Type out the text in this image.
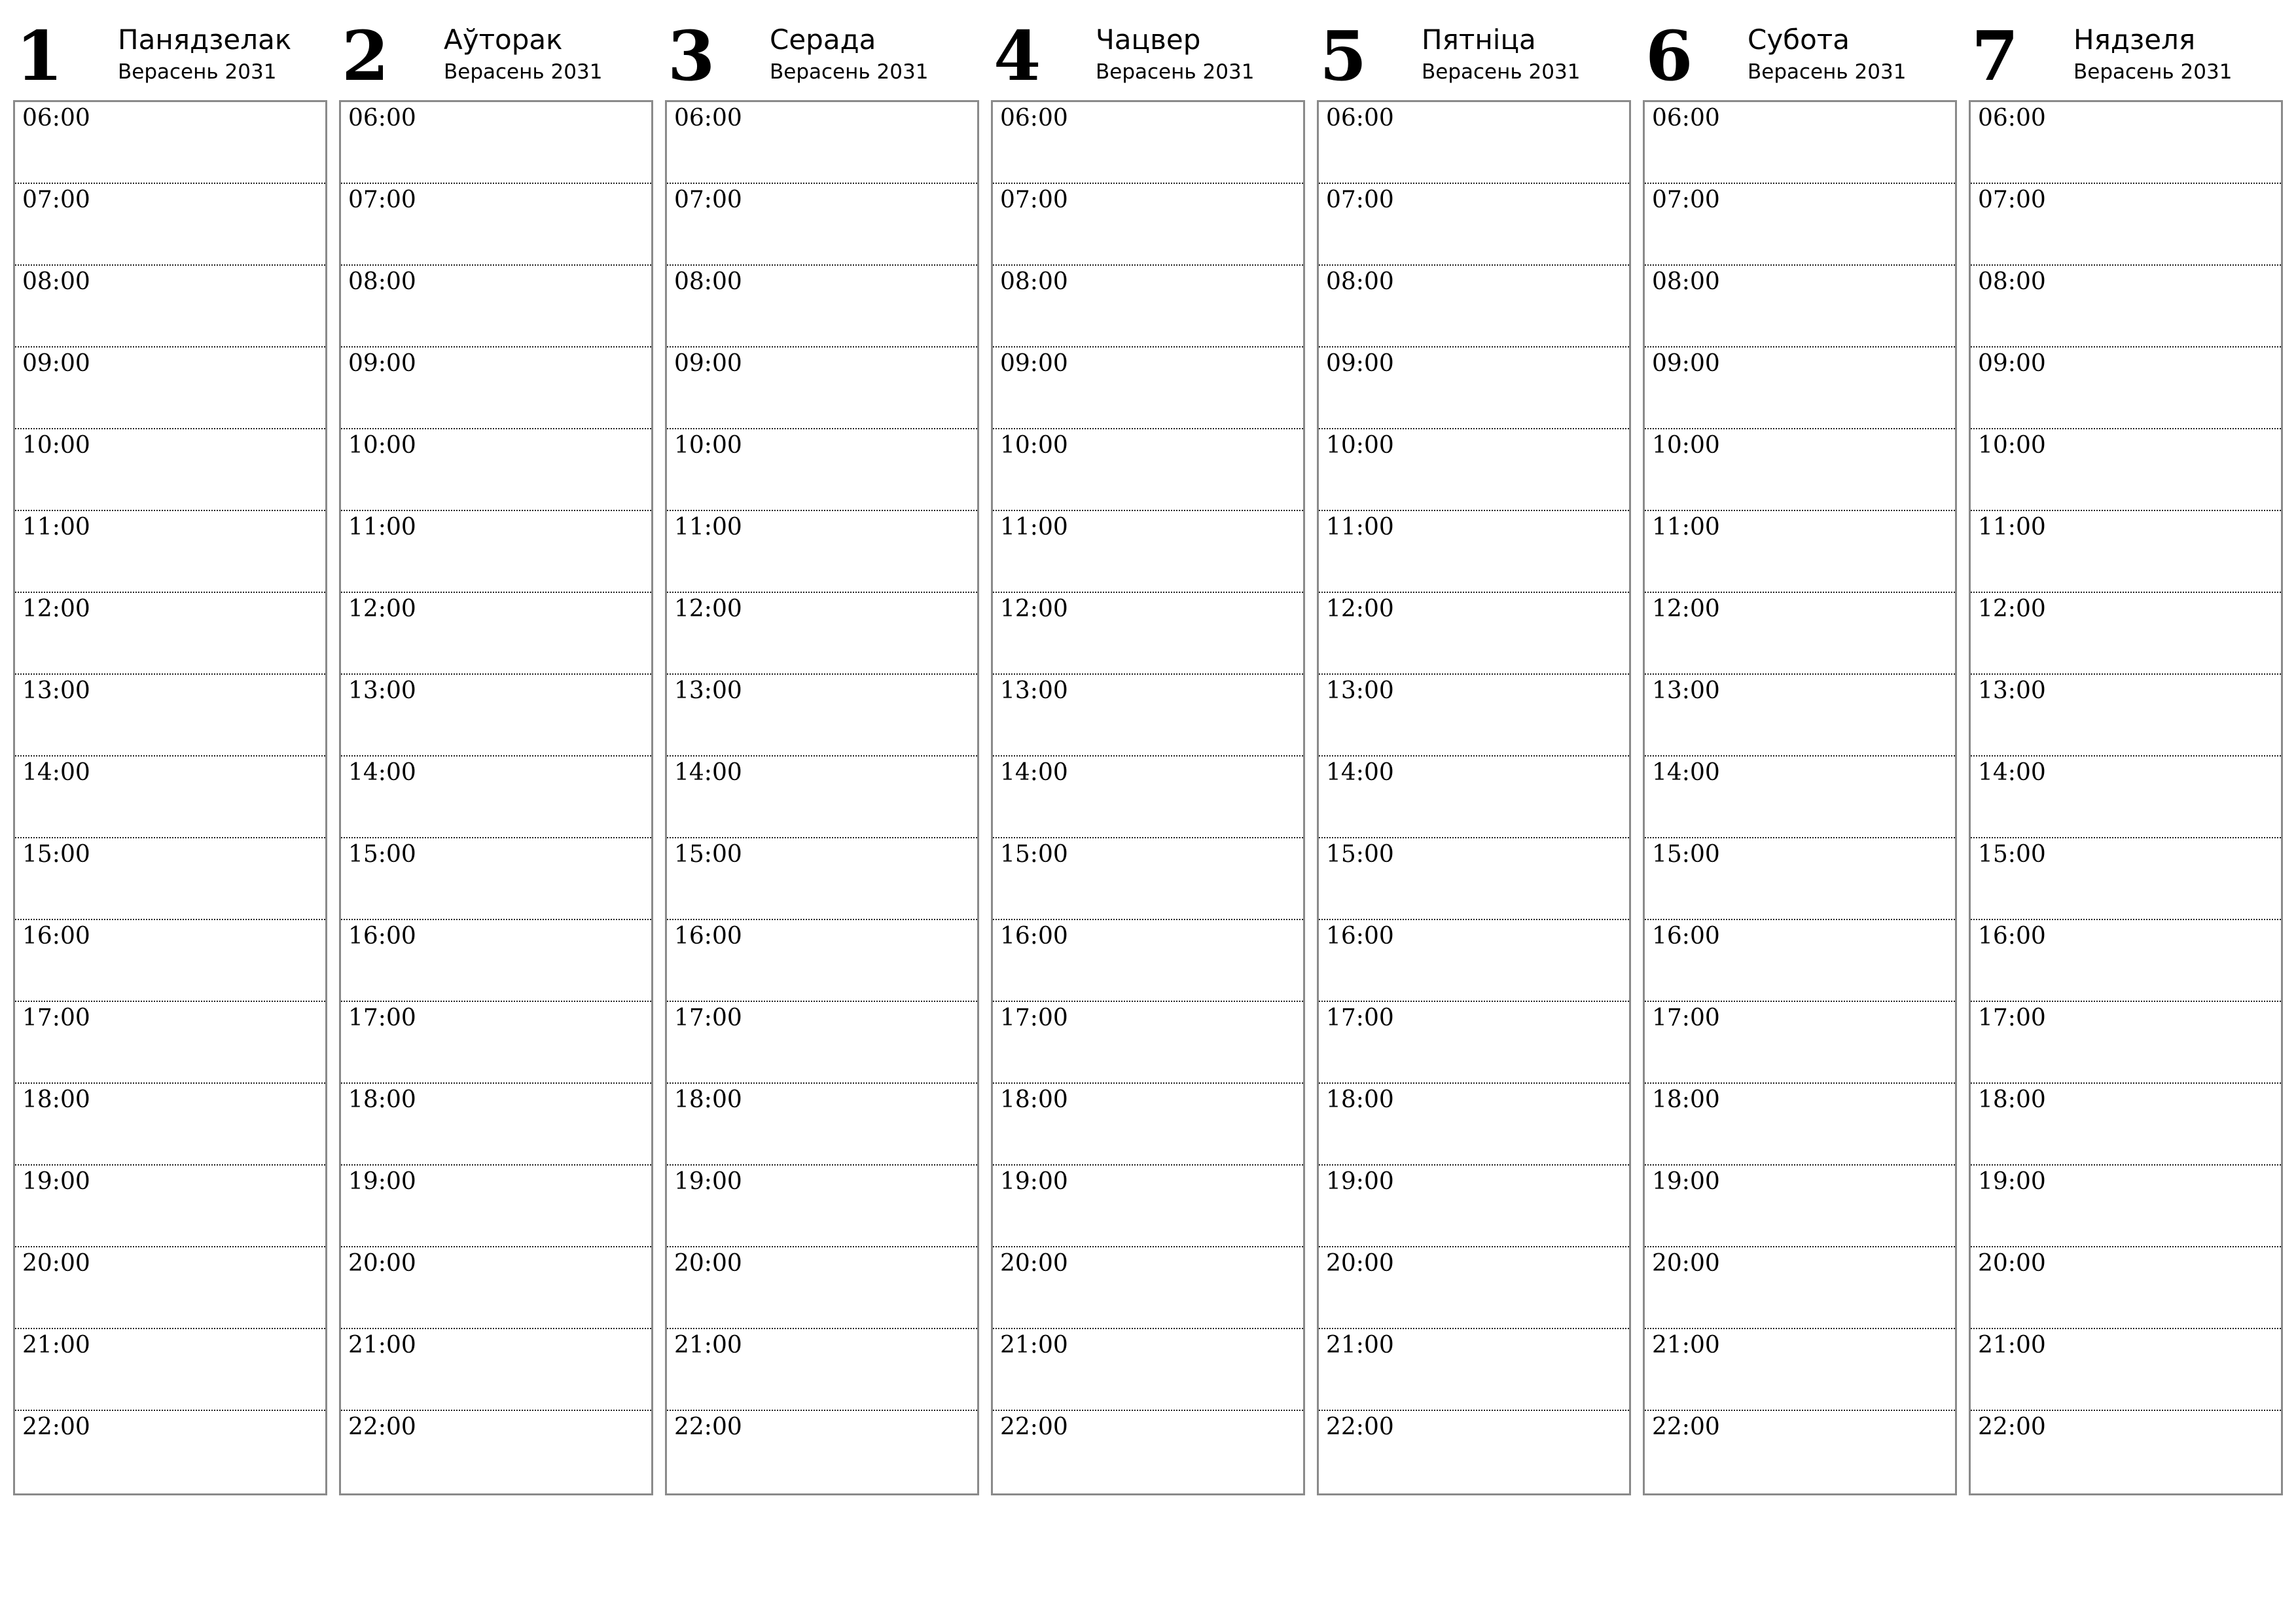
1 Панядзелак
Верасень 2031
06:00
07:00
08:00
09:00
10:00
11:00
12:00
13:00
14:00
15:00
16:00
17:00
18:00
19:00
20:00
21:00
22:00
2 Аўторак
Верасень 2031
06:00
07:00
08:00
09:00
10:00
11:00
12:00
13:00
14:00
15:00
16:00
17:00
18:00
19:00
20:00
21:00
22:00
3 Серада
Верасень 2031
06:00
07:00
08:00
09:00
10:00
11:00
12:00
13:00
14:00
15:00
16:00
17:00
18:00
19:00
20:00
21:00
22:00
4 Чацвер
Верасень 2031
06:00
07:00
08:00
09:00
10:00
11:00
12:00
13:00
14:00
15:00
16:00
17:00
18:00
19:00
20:00
21:00
22:00
5 Пятніца
Верасень 2031
06:00
07:00
08:00
09:00
10:00
11:00
12:00
13:00
14:00
15:00
16:00
17:00
18:00
19:00
20:00
21:00
22:00
6 Субота
Верасень 2031
06:00
07:00
08:00
09:00
10:00
11:00
12:00
13:00
14:00
15:00
16:00
17:00
18:00
19:00
20:00
21:00
22:00
7 Нядзеля
Верасень 2031
06:00
07:00
08:00
09:00
10:00
11:00
12:00
13:00
14:00
15:00
16:00
17:00
18:00
19:00
20:00
21:00
22:00
